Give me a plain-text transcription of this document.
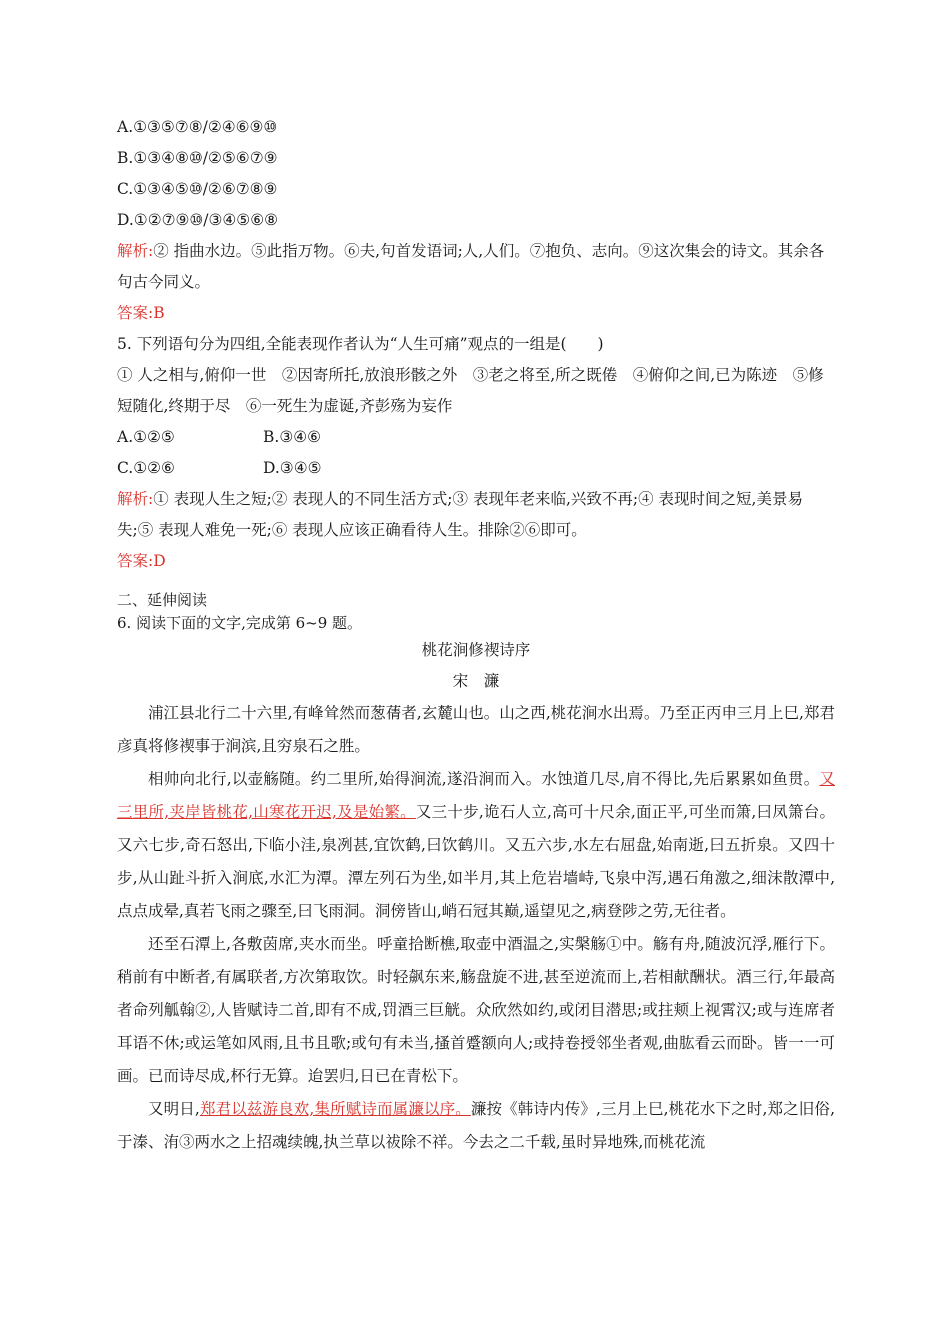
A.①③⑤⑦⑧/②④⑥⑨⑩
B.①③④⑧⑩/②⑤⑥⑦⑨
C.①③④⑤⑩/②⑥⑦⑧⑨
D.①②⑦⑨⑩/③④⑤⑥⑧
解析:② 指曲水边。⑤此指万物。⑥夫,句首发语词;人,人们。⑦抱负、志向。⑨这次集会的诗文。其余各句古今同义。
答案:B
5. 下列语句分为四组,全能表现作者认为“人生可痛”观点的一组是(　　)
① 人之相与,俯仰一世　②因寄所托,放浪形骸之外　③老之将至,所之既倦　④俯仰之间,已为陈迹　⑤修短随化,终期于尽　⑥一死生为虚诞,齐彭殇为妄作
A.①②⑤	B.③④⑥
C.①②⑥	D.③④⑤
解析:① 表现人生之短;② 表现人的不同生活方式;③ 表现年老来临,兴致不再;④ 表现时间之短,美景易失;⑤ 表现人难免一死;⑥ 表现人应该正确看待人生。排除②⑥即可。
答案:D
二、延伸阅读
6. 阅读下面的文字,完成第 6~9 题。
桃花涧修禊诗序
宋　濂
浦江县北行二十六里,有峰耸然而葱蒨者,玄麓山也。山之西,桃花涧水出焉。乃至正丙申三月上巳,郑君彦真将修禊事于涧滨,且穷泉石之胜。
相帅向北行,以壶觞随。约二里所,始得涧流,遂沿涧而入。水蚀道几尽,肩不得比,先后累累如鱼贯。又三里所,夹岸皆桃花,山寒花开迟,及是始繁。又三十步,诡石人立,高可十尺余,面正平,可坐而箫,曰凤箫台。又六七步,奇石怒出,下临小洼,泉冽甚,宜饮鹤,曰饮鹤川。又五六步,水左右屈盘,始南逝,曰五折泉。又四十步,从山趾斗折入涧底,水汇为潭。潭左列石为坐,如半月,其上危岩墙峙,飞泉中泻,遇石角激之,细沫散潭中,点点成晕,真若飞雨之骤至,曰飞雨洞。洞傍皆山,峭石冠其巅,遥望见之,病登陟之劳,无往者。
还至石潭上,各敷茵席,夹水而坐。呼童拾断樵,取壶中酒温之,实槃觞①中。觞有舟,随波沉浮,雁行下。稍前有中断者,有属联者,方次第取饮。时轻飙东来,觞盘旋不进,甚至逆流而上,若相献酬状。酒三行,年最高者命列觚翰②,人皆赋诗二首,即有不成,罚酒三巨觥。众欣然如约,或闭目潜思;或拄颊上视霄汉;或与连席者耳语不休;或运笔如风雨,且书且歌;或句有未当,搔首蹙额向人;或持卷授邻坐者观,曲肱看云而卧。皆一一可画。已而诗尽成,杯行无算。迨罢归,日已在青松下。
又明日,郑君以兹游良欢,集所赋诗而属濂以序。濂按《韩诗内传》,三月上巳,桃花水下之时,郑之旧俗,于溱、洧③两水之上招魂续魄,执兰草以祓除不祥。今去之二千载,虽时异地殊,而桃花流
